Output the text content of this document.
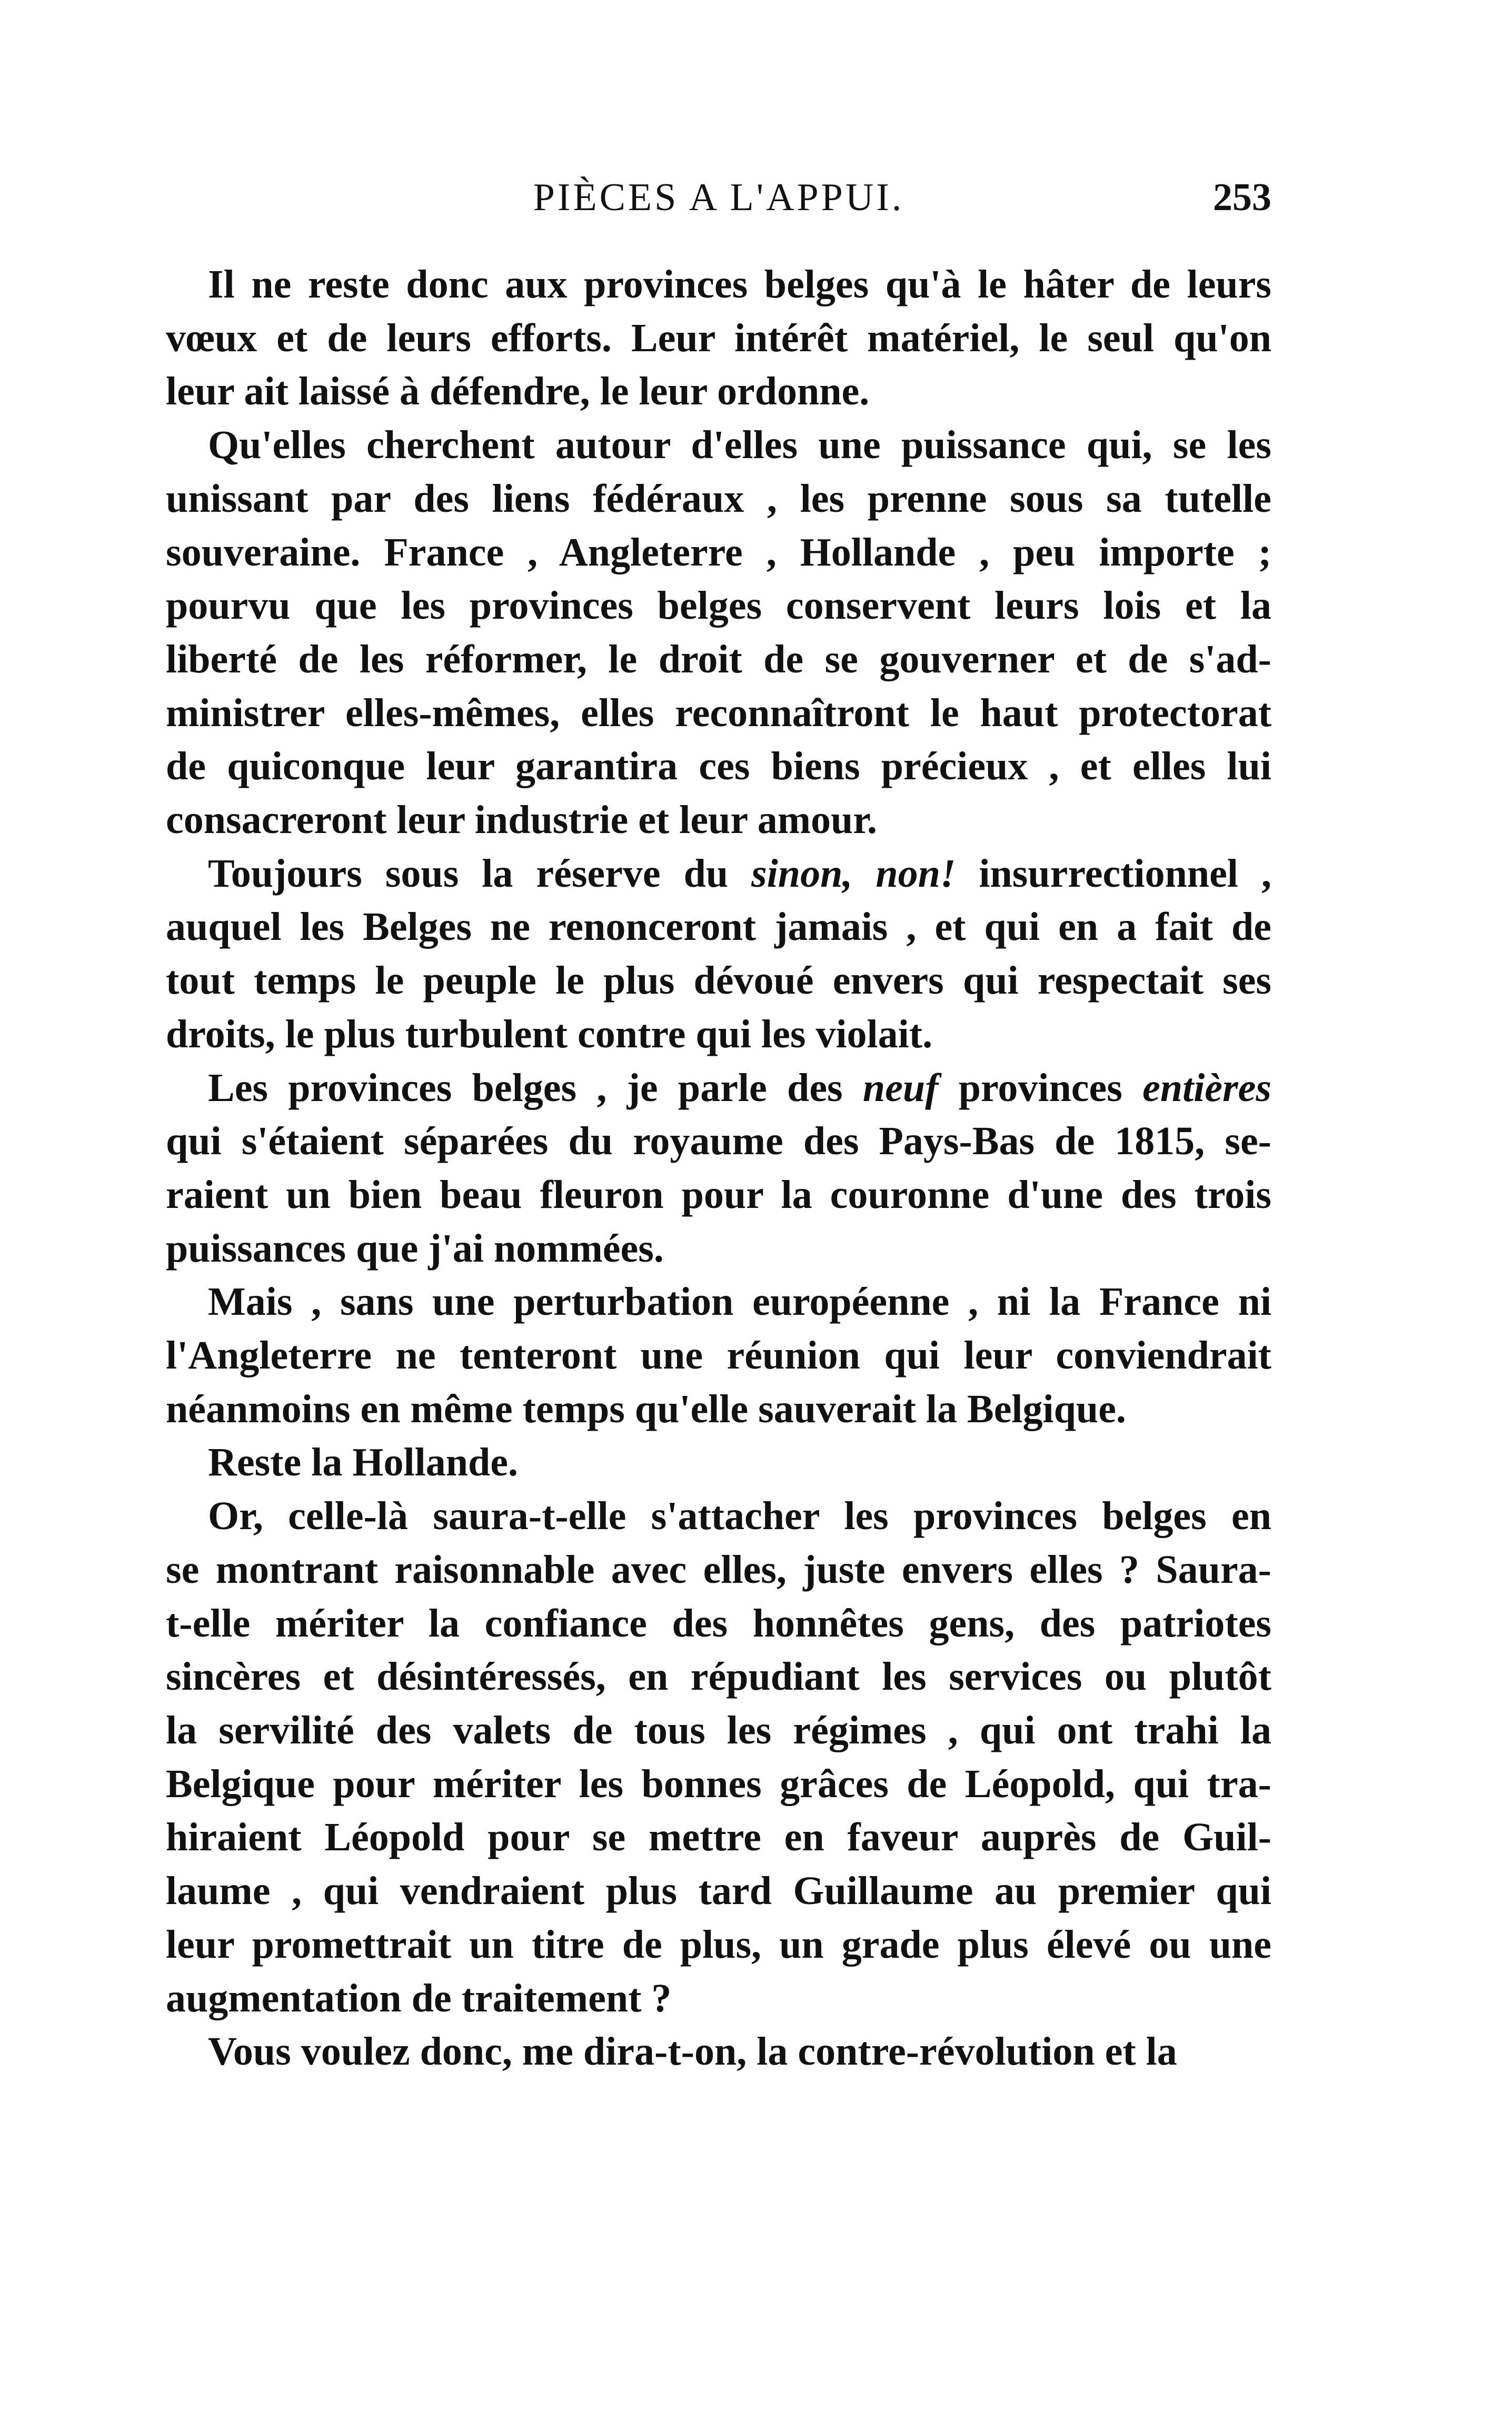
PIÈCES A L'APPUI.	253
Il ne reste donc aux provinces belges qu'à le hâter de leurs
vœux et de leurs efforts. Leur intérêt matériel, le seul qu'on
leur ait laissé à défendre, le leur ordonne.
Qu'elles cherchent autour d'elles une puissance qui, se les
unissant par des liens fédéraux , les prenne sous sa tutelle
souveraine. France , Angleterre , Hollande , peu importe ;
pourvu que les provinces belges conservent leurs lois et la
liberté de les réformer, le droit de se gouverner et de s'ad-
ministrer elles-mêmes, elles reconnaîtront le haut protectorat
de quiconque leur garantira ces biens précieux , et elles lui
consacreront leur industrie et leur amour.
Toujours sous la réserve du sinon, non! insurrectionnel ,
auquel les Belges ne renonceront jamais , et qui en a fait de
tout temps le peuple le plus dévoué envers qui respectait ses
droits, le plus turbulent contre qui les violait.
Les provinces belges , je parle des neuf provinces entières
qui s'étaient séparées du royaume des Pays-Bas de 1815, se-
raient un bien beau fleuron pour la couronne d'une des trois
puissances que j'ai nommées.
Mais , sans une perturbation européenne , ni la France ni
l'Angleterre ne tenteront une réunion qui leur conviendrait
néanmoins en même temps qu'elle sauverait la Belgique.
Reste la Hollande.
Or, celle-là saura-t-elle s'attacher les provinces belges en
se montrant raisonnable avec elles, juste envers elles ? Saura-
t-elle mériter la confiance des honnêtes gens, des patriotes
sincères et désintéressés, en répudiant les services ou plutôt
la servilité des valets de tous les régimes , qui ont trahi la
Belgique pour mériter les bonnes grâces de Léopold, qui tra-
hiraient Léopold pour se mettre en faveur auprès de Guil-
laume , qui vendraient plus tard Guillaume au premier qui
leur promettrait un titre de plus, un grade plus élevé ou une
augmentation de traitement ?
Vous voulez donc, me dira-t-on, la contre-révolution et la
